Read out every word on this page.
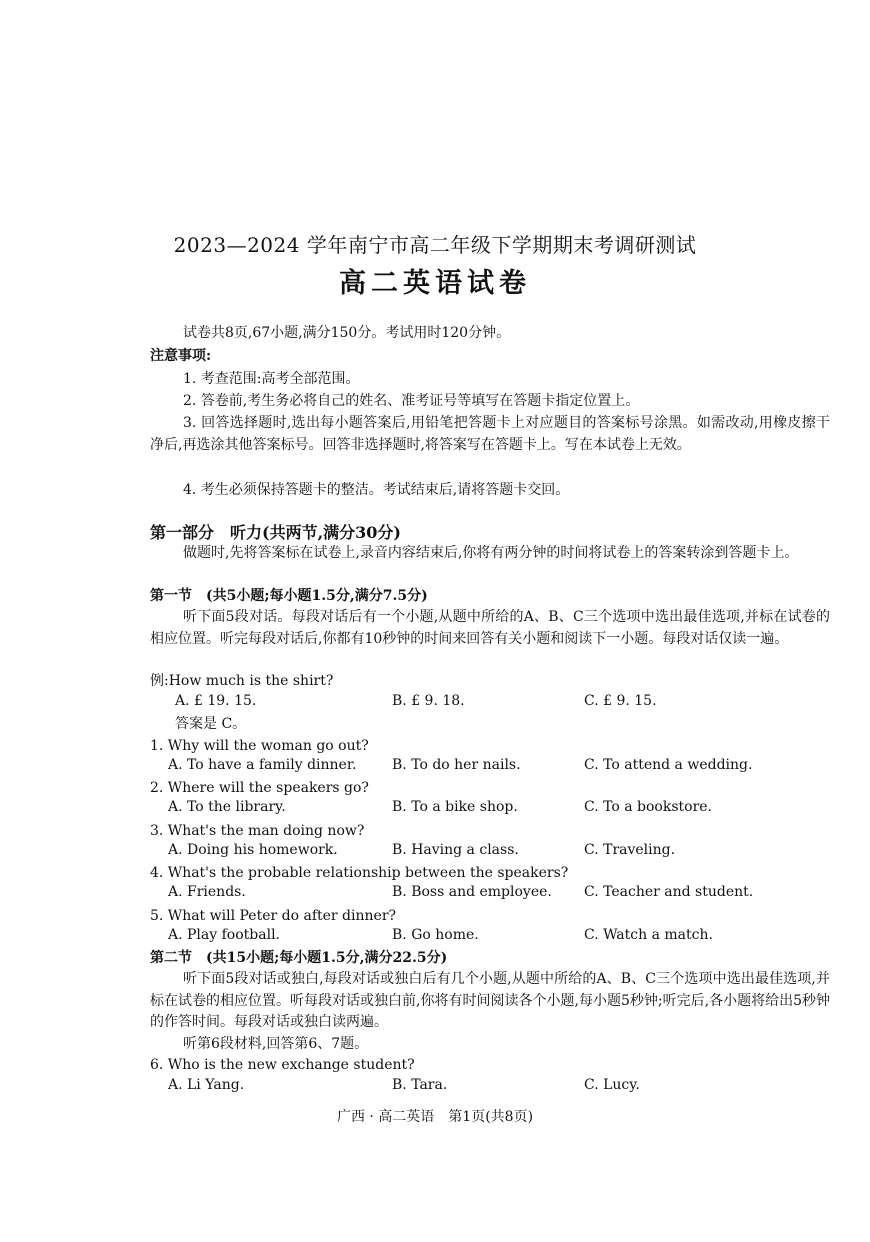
2023—2024 学年南宁市高二年级下学期期末考调研测试
高二英语试卷
试卷共8页,67小题,满分150分。考试用时120分钟。
注意事项:
1. 考查范围:高考全部范围。
2. 答卷前,考生务必将自己的姓名、准考证号等填写在答题卡指定位置上。
3. 回答选择题时,选出每小题答案后,用铅笔把答题卡上对应题目的答案标号涂黑。如需改动,用橡皮擦干净后,再选涂其他答案标号。回答非选择题时,将答案写在答题卡上。写在本试卷上无效。
4. 考生必须保持答题卡的整洁。考试结束后,请将答题卡交回。
第一部分　听力(共两节,满分30分)
做题时,先将答案标在试卷上,录音内容结束后,你将有两分钟的时间将试卷上的答案转涂到答题卡上。
第一节　(共5小题;每小题1.5分,满分7.5分)
听下面5段对话。每段对话后有一个小题,从题中所给的A、B、C三个选项中选出最佳选项,并标在试卷的相应位置。听完每段对话后,你都有10秒钟的时间来回答有关小题和阅读下一小题。每段对话仅读一遍。
例:How much is the shirt?
A. £ 19. 15.	B. £ 9. 18.	C. £ 9. 15.
答案是 C。
1. Why will the woman go out?
A. To have a family dinner.	B. To do her nails.	C. To attend a wedding.
2. Where will the speakers go?
A. To the library.	B. To a bike shop.	C. To a bookstore.
3. What's the man doing now?
A. Doing his homework.	B. Having a class.	C. Traveling.
4. What's the probable relationship between the speakers?
A. Friends.	B. Boss and employee. C. Teacher and student.
5. What will Peter do after dinner?
A. Play football.	B. Go home.	C. Watch a match.
第二节　(共15小题;每小题1.5分,满分22.5分)
听下面5段对话或独白,每段对话或独白后有几个小题,从题中所给的A、B、C三个选项中选出最佳选项,并标在试卷的相应位置。听每段对话或独白前,你将有时间阅读各个小题,每小题5秒钟;听完后,各小题将给出5秒钟的作答时间。每段对话或独白读两遍。
听第6段材料,回答第6、7题。
6. Who is the new exchange student?
A. Li Yang.	B. Tara.	C. Lucy.
广西 · 高二英语　第1页(共8页)
